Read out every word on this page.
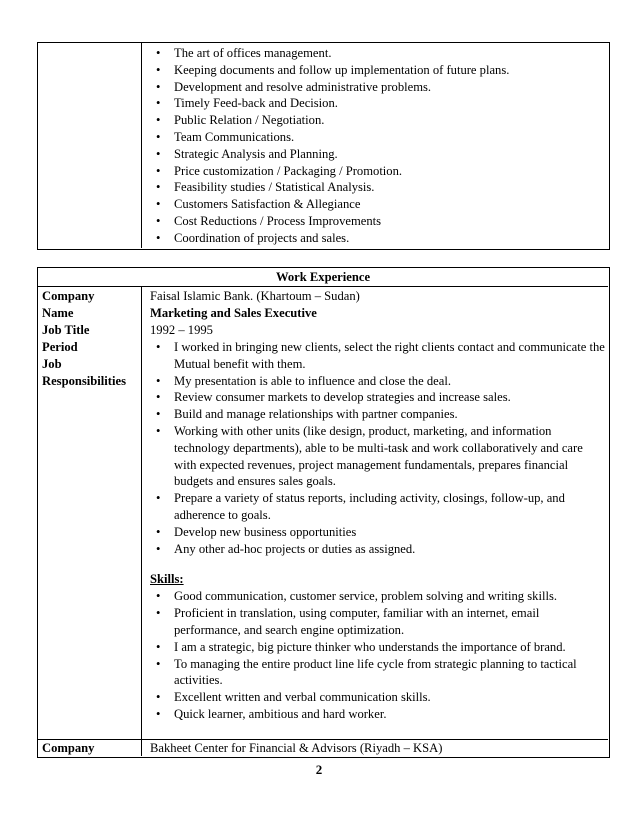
• The art of offices management.
• Keeping documents and follow up implementation of future plans.
• Development and resolve administrative problems.
• Timely Feed-back and Decision.
• Public Relation / Negotiation.
• Team Communications.
• Strategic Analysis and Planning.
• Price customization / Packaging / Promotion.
• Feasibility studies / Statistical Analysis.
• Customers Satisfaction & Allegiance
• Cost Reductions / Process Improvements
• Coordination of projects and sales.
Work Experience
Company
Name
Job Title
Period
Job
Responsibilities
Faisal Islamic Bank. (Khartoum – Sudan)
Marketing and Sales Executive
1992 – 1995
• I worked in bringing new clients, select the right clients contact and communicate the Mutual benefit with them.
• My presentation is able to influence and close the deal.
• Review consumer markets to develop strategies and increase sales.
• Build and manage relationships with partner companies.
• Working with other units (like design, product, marketing, and information technology departments), able to be multi-task and work collaboratively and care with expected revenues, project management fundamentals, prepares financial budgets and ensures sales goals.
• Prepare a variety of status reports, including activity, closings, follow-up, and adherence to goals.
• Develop new business opportunities
• Any other ad-hoc projects or duties as assigned.
Skills:
• Good communication, customer service, problem solving and writing skills.
• Proficient in translation, using computer, familiar with an internet, email performance, and search engine optimization.
• I am a strategic, big picture thinker who understands the importance of brand.
• To managing the entire product line life cycle from strategic planning to tactical activities.
• Excellent written and verbal communication skills.
• Quick learner, ambitious and hard worker.
Company	Bakheet Center for Financial & Advisors (Riyadh – KSA)
2
